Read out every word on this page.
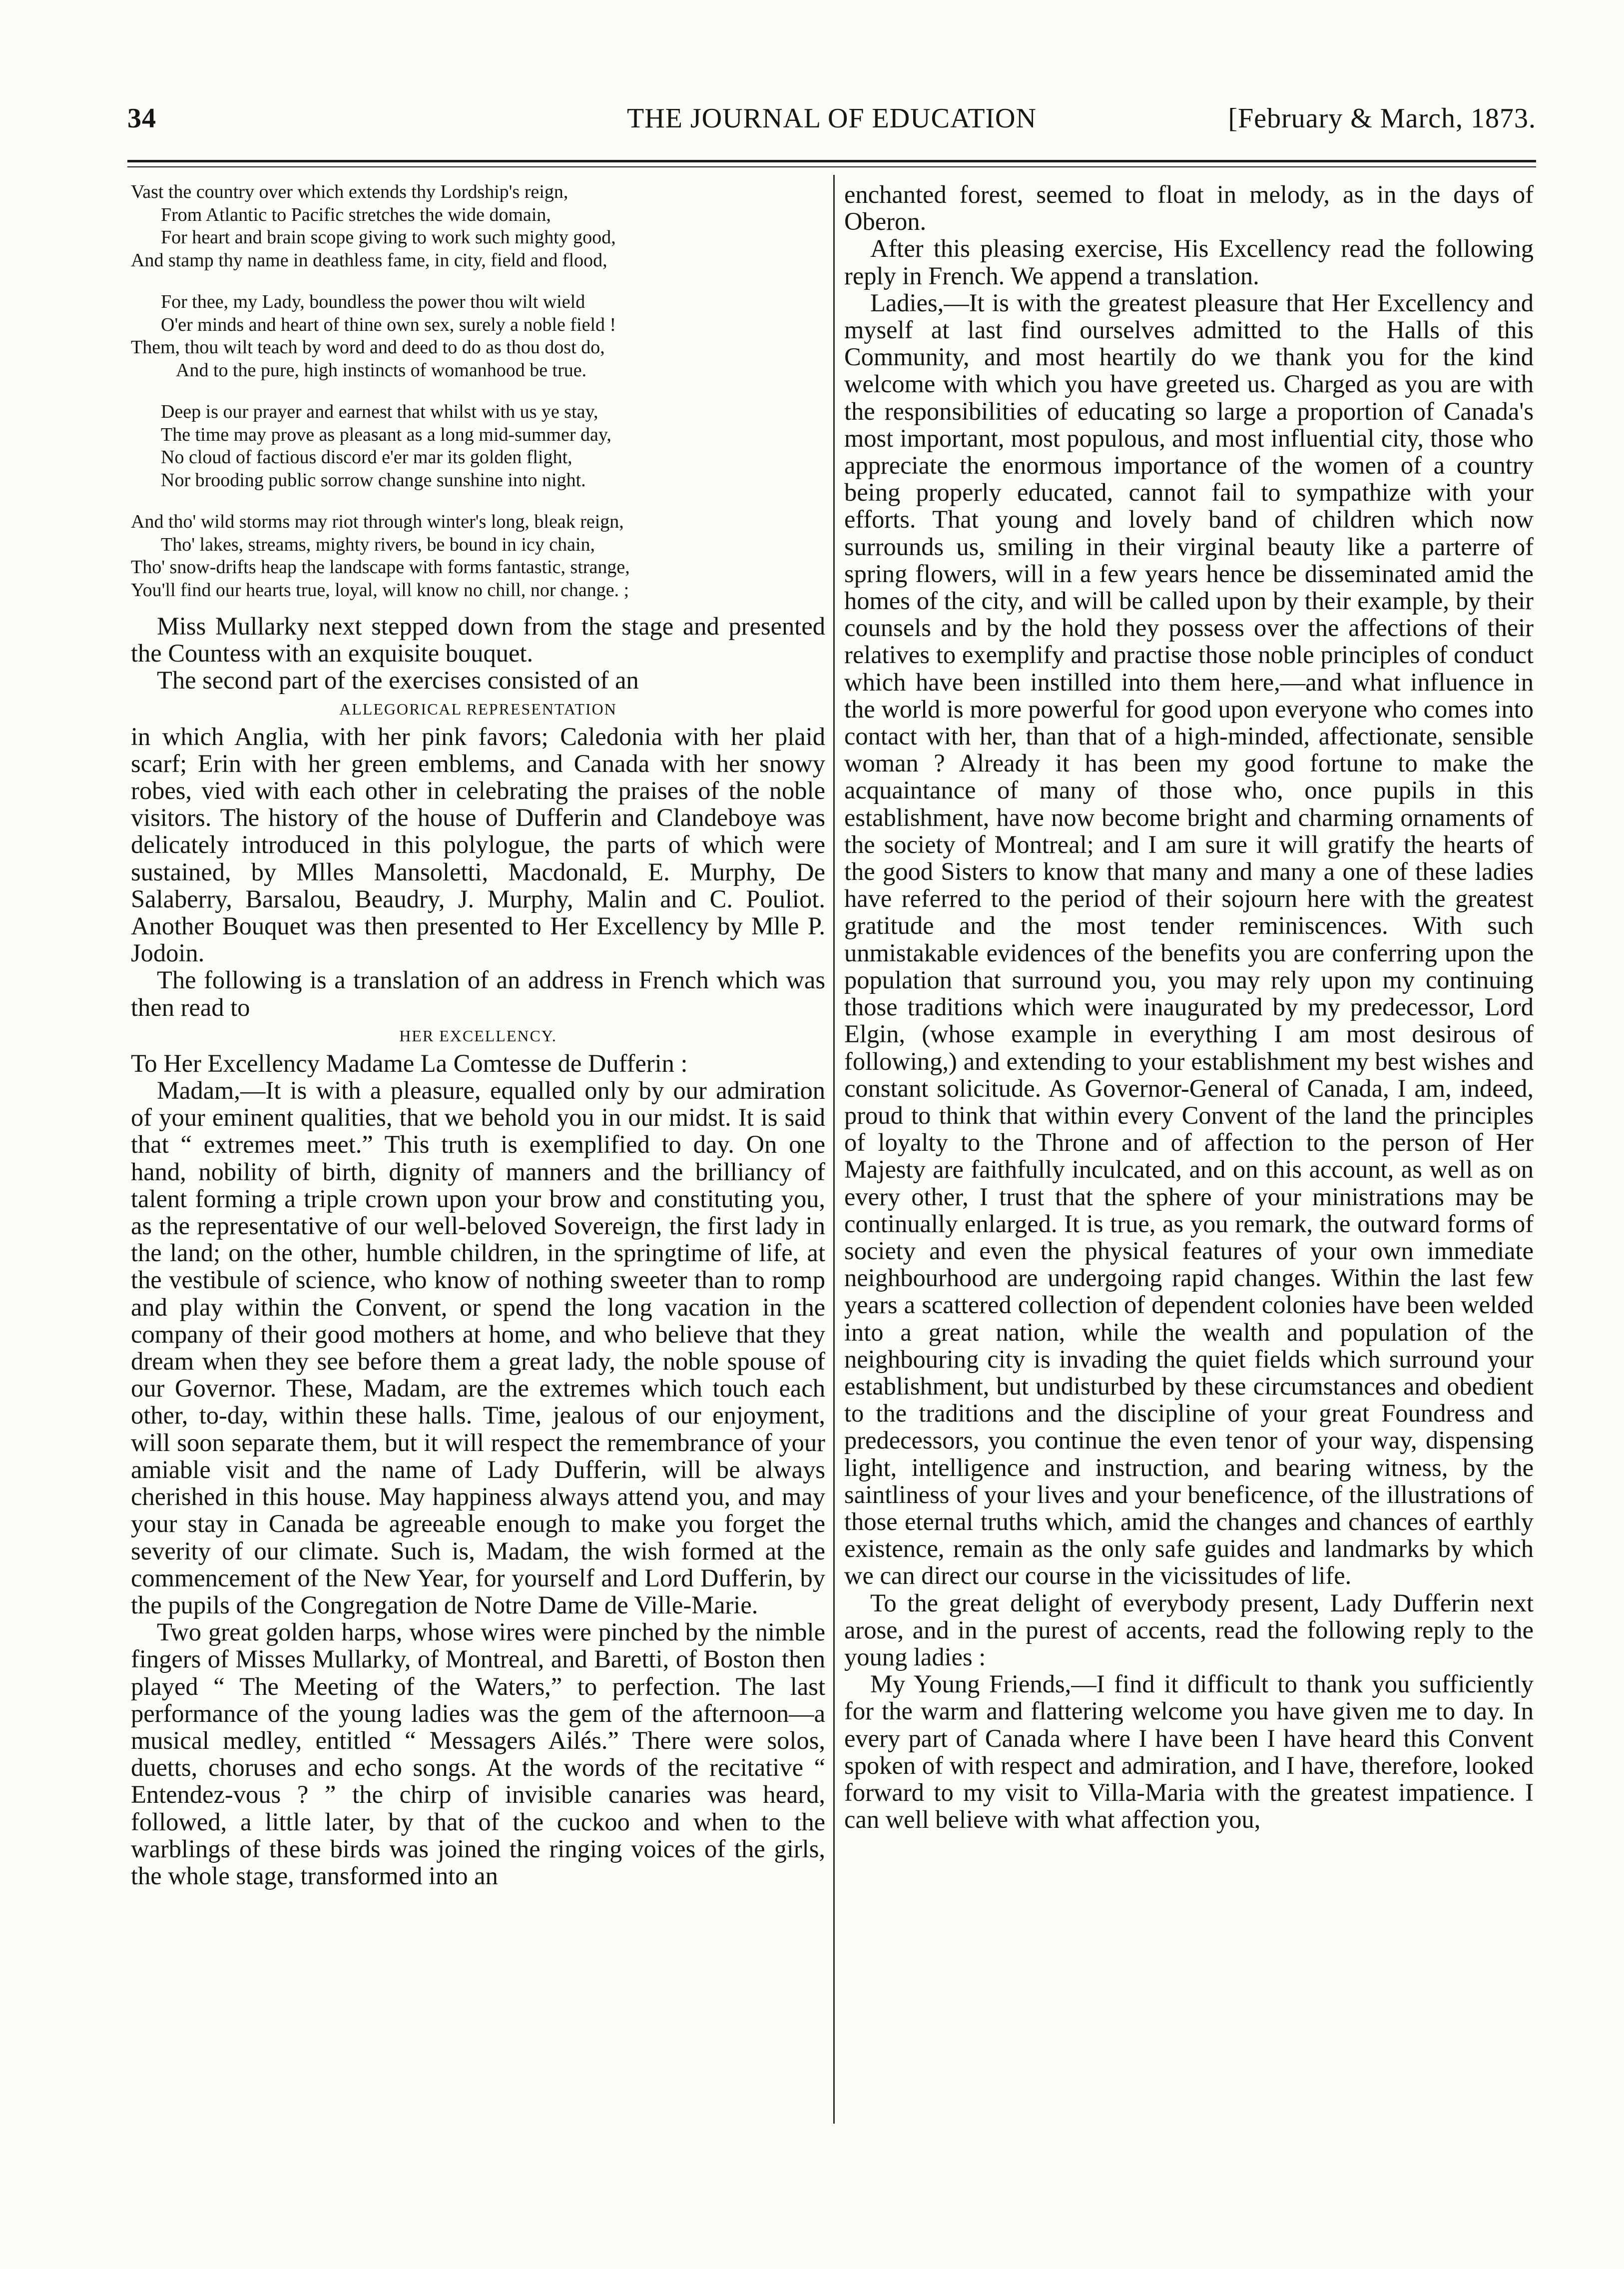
34	THE JOURNAL OF EDUCATION	[February & March, 1873.
Vast the country over which extends thy Lordship's reign,
From Atlantic to Pacific stretches the wide domain,
For heart and brain scope giving to work such mighty good,
And stamp thy name in deathless fame, in city, field and flood,
For thee, my Lady, boundless the power thou wilt wield
O'er minds and heart of thine own sex, surely a noble field !
Them, thou wilt teach by word and deed to do as thou dost do,
And to the pure, high instincts of womanhood be true.
Deep is our prayer and earnest that whilst with us ye stay,
The time may prove as pleasant as a long mid-summer day,
No cloud of factious discord e'er mar its golden flight,
Nor brooding public sorrow change sunshine into night.
And tho' wild storms may riot through winter's long, bleak reign,
Tho' lakes, streams, mighty rivers, be bound in icy chain,
Tho' snow-drifts heap the landscape with forms fantastic, strange,
You'll find our hearts true, loyal, will know no chill, nor change. ;

Miss Mullarky next stepped down from the stage and presented the Countess with an exquisite bouquet.

The second part of the exercises consisted of an

ALLEGORICAL REPRESENTATION

in which Anglia, with her pink favors; Caledonia with her plaid scarf; Erin with her green emblems, and Canada with her snowy robes, vied with each other in celebrating the praises of the noble visitors. The history of the house of Dufferin and Clandeboye was delicately introduced in this polylogue, the parts of which were sustained, by Mlles Mansoletti, Macdonald, E. Murphy, De Salaberry, Barsalou, Beaudry, J. Murphy, Malin and C. Pouliot. Another Bouquet was then presented to Her Excellency by Mlle P. Jodoin.

The following is a translation of an address in French which was then read to

HER EXCELLENCY.

To Her Excellency Madame La Comtesse de Dufferin :

Madam,—It is with a pleasure, equalled only by our admiration of your eminent qualities, that we behold you in our midst. It is said that “ extremes meet.” This truth is exemplified to day. On one hand, nobility of birth, dignity of manners and the brilliancy of talent forming a triple crown upon your brow and constituting you, as the representative of our well-beloved Sovereign, the first lady in the land; on the other, humble children, in the springtime of life, at the vestibule of science, who know of nothing sweeter than to romp and play within the Convent, or spend the long vacation in the company of their good mothers at home, and who believe that they dream when they see before them a great lady, the noble spouse of our Governor. These, Madam, are the extremes which touch each other, to-day, within these halls. Time, jealous of our enjoyment, will soon separate them, but it will respect the remembrance of your amiable visit and the name of Lady Dufferin, will be always cherished in this house. May happiness always attend you, and may your stay in Canada be agreeable enough to make you forget the severity of our climate. Such is, Madam, the wish formed at the commencement of the New Year, for yourself and Lord Dufferin, by the pupils of the Congregation de Notre Dame de Ville-Marie.

Two great golden harps, whose wires were pinched by the nimble fingers of Misses Mullarky, of Montreal, and Baretti, of Boston then played “ The Meeting of the Waters,” to perfection. The last performance of the young ladies was the gem of the afternoon—a musical medley, entitled “ Messagers Ailés.” There were solos, duetts, choruses and echo songs. At the words of the recitative “ Entendez-vous ? ” the chirp of invisible canaries was heard, followed, a little later, by that of the cuckoo and when to the warblings of these birds was joined the ringing voices of the girls, the whole stage, transformed into an

enchanted forest, seemed to float in melody, as in the days of Oberon.

After this pleasing exercise, His Excellency read the following reply in French. We append a translation.

Ladies,—It is with the greatest pleasure that Her Excellency and myself at last find ourselves admitted to the Halls of this Community, and most heartily do we thank you for the kind welcome with which you have greeted us. Charged as you are with the responsibilities of educating so large a proportion of Canada's most important, most populous, and most influential city, those who appreciate the enormous importance of the women of a country being properly educated, cannot fail to sympathize with your efforts. That young and lovely band of children which now surrounds us, smiling in their virginal beauty like a parterre of spring flowers, will in a few years hence be disseminated amid the homes of the city, and will be called upon by their example, by their counsels and by the hold they possess over the affections of their relatives to exemplify and practise those noble principles of conduct which have been instilled into them here,—and what influence in the world is more powerful for good upon everyone who comes into contact with her, than that of a high-minded, affectionate, sensible woman ? Already it has been my good fortune to make the acquaintance of many of those who, once pupils in this establishment, have now become bright and charming ornaments of the society of Montreal; and I am sure it will gratify the hearts of the good Sisters to know that many and many a one of these ladies have referred to the period of their sojourn here with the greatest gratitude and the most tender reminiscences. With such unmistakable evidences of the benefits you are conferring upon the population that surround you, you may rely upon my continuing those traditions which were inaugurated by my predecessor, Lord Elgin, (whose example in everything I am most desirous of following,) and extending to your establishment my best wishes and constant solicitude. As Governor-General of Canada, I am, indeed, proud to think that within every Convent of the land the principles of loyalty to the Throne and of affection to the person of Her Majesty are faithfully inculcated, and on this account, as well as on every other, I trust that the sphere of your ministrations may be continually enlarged. It is true, as you remark, the outward forms of society and even the physical features of your own immediate neighbourhood are undergoing rapid changes. Within the last few years a scattered collection of dependent colonies have been welded into a great nation, while the wealth and population of the neighbouring city is invading the quiet fields which surround your establishment, but undisturbed by these circumstances and obedient to the traditions and the discipline of your great Foundress and predecessors, you continue the even tenor of your way, dispensing light, intelligence and instruction, and bearing witness, by the saintliness of your lives and your beneficence, of the illustrations of those eternal truths which, amid the changes and chances of earthly existence, remain as the only safe guides and landmarks by which we can direct our course in the vicissitudes of life.

To the great delight of everybody present, Lady Dufferin next arose, and in the purest of accents, read the following reply to the young ladies :

My Young Friends,—I find it difficult to thank you sufficiently for the warm and flattering welcome you have given me to day. In every part of Canada where I have been I have heard this Convent spoken of with respect and admiration, and I have, therefore, looked forward to my visit to Villa-Maria with the greatest impatience. I can well believe with what affection you,
